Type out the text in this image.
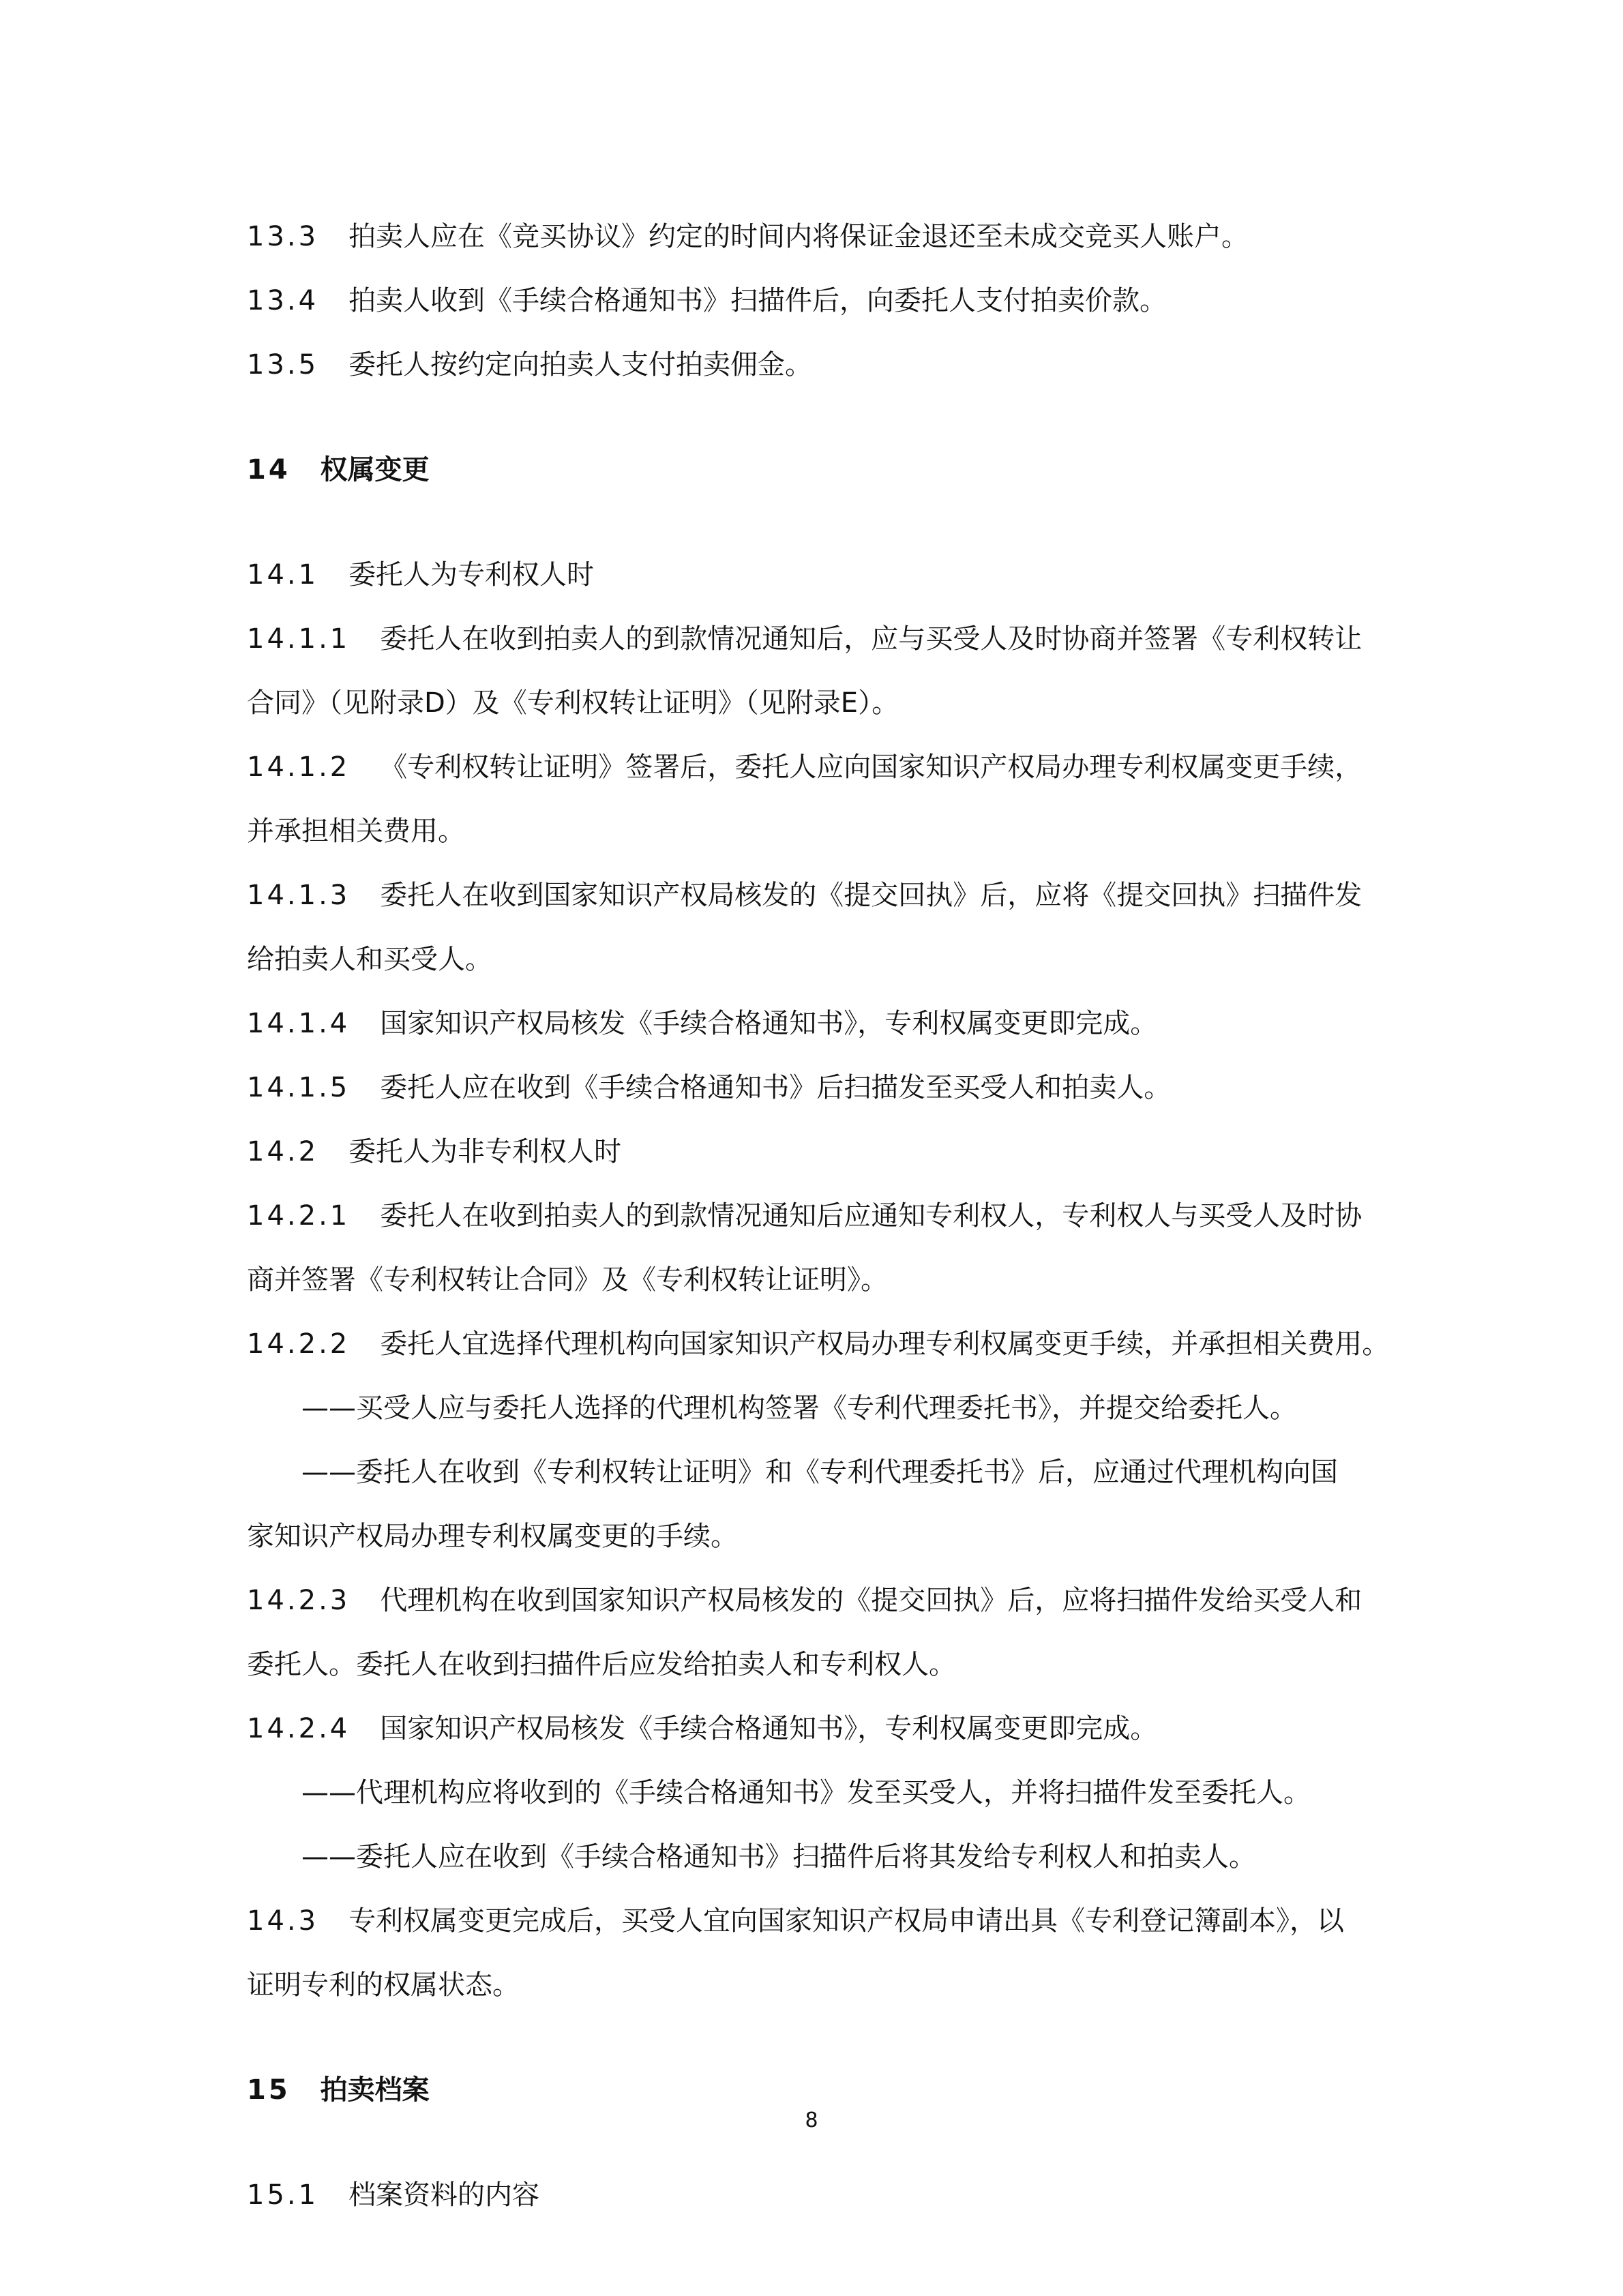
13.3 拍卖人应在《竞买协议》约定的时间内将保证金退还至未成交竞买人账户。
13.4 拍卖人收到《手续合格通知书》扫描件后，向委托人支付拍卖价款。
13.5 委托人按约定向拍卖人支付拍卖佣金。
14 权属变更
14.1 委托人为专利权人时
14.1.1 委托人在收到拍卖人的到款情况通知后，应与买受人及时协商并签署《专利权转让
合同》（见附录D）及《专利权转让证明》（见附录E）。
14.1.2 《专利权转让证明》签署后，委托人应向国家知识产权局办理专利权属变更手续，
并承担相关费用。
14.1.3 委托人在收到国家知识产权局核发的《提交回执》后，应将《提交回执》扫描件发
给拍卖人和买受人。
14.1.4 国家知识产权局核发《手续合格通知书》，专利权属变更即完成。
14.1.5 委托人应在收到《手续合格通知书》后扫描发至买受人和拍卖人。
14.2 委托人为非专利权人时
14.2.1 委托人在收到拍卖人的到款情况通知后应通知专利权人，专利权人与买受人及时协
商并签署《专利权转让合同》及《专利权转让证明》。
14.2.2 委托人宜选择代理机构向国家知识产权局办理专利权属变更手续，并承担相关费用。
——买受人应与委托人选择的代理机构签署《专利代理委托书》，并提交给委托人。
——委托人在收到《专利权转让证明》和《专利代理委托书》后，应通过代理机构向国
家知识产权局办理专利权属变更的手续。
14.2.3 代理机构在收到国家知识产权局核发的《提交回执》后，应将扫描件发给买受人和
委托人。委托人在收到扫描件后应发给拍卖人和专利权人。
14.2.4 国家知识产权局核发《手续合格通知书》，专利权属变更即完成。
——代理机构应将收到的《手续合格通知书》发至买受人，并将扫描件发至委托人。
——委托人应在收到《手续合格通知书》扫描件后将其发给专利权人和拍卖人。
14.3 专利权属变更完成后，买受人宜向国家知识产权局申请出具《专利登记簿副本》，以
证明专利的权属状态。
15 拍卖档案
15.1 档案资料的内容
8
